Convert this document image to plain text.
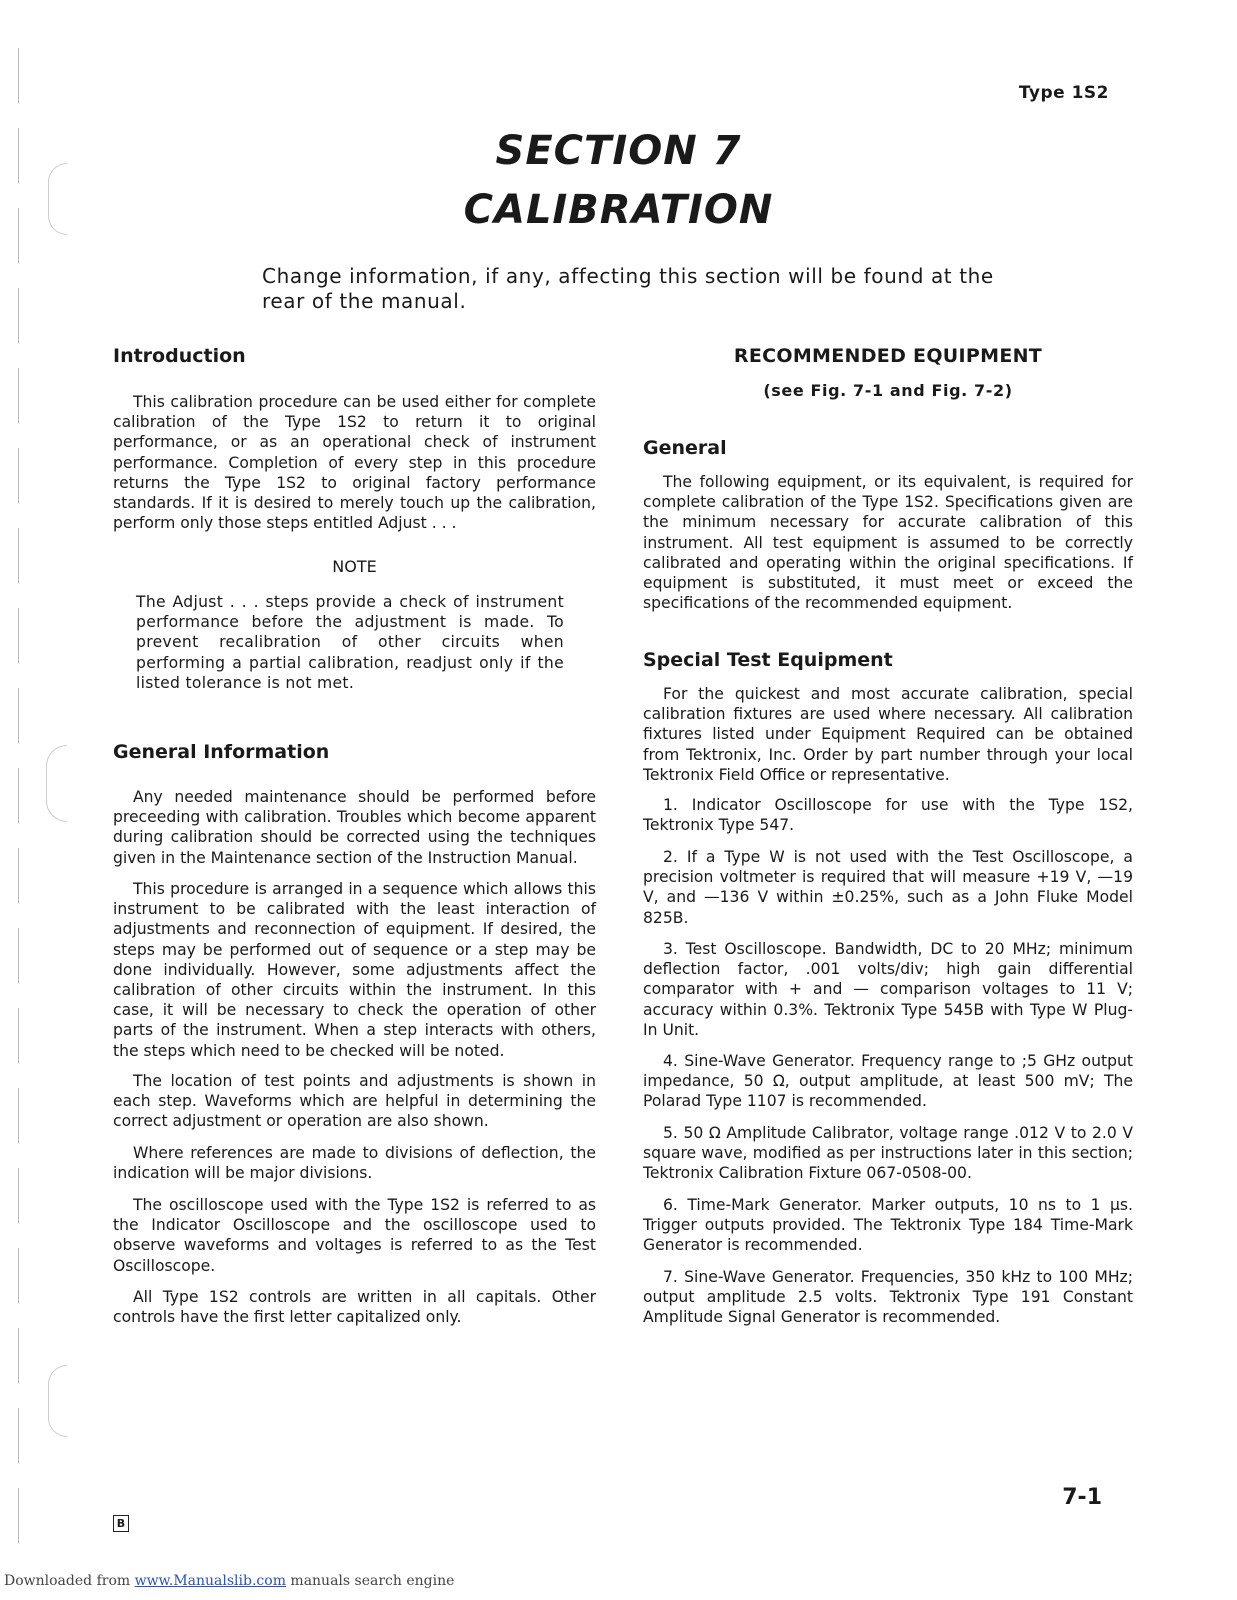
Type 1S2
SECTION 7
CALIBRATION
Change information, if any, affecting this section will be found at the rear of the manual.
Introduction

This calibration procedure can be used either for complete calibration of the Type 1S2 to return it to original performance, or as an operational check of instrument performance. Completion of every step in this procedure returns the Type 1S2 to original factory performance standards. If it is desired to merely touch up the calibration, perform only those steps entitled Adjust . . .

NOTE
The Adjust . . . steps provide a check of instrument performance before the adjustment is made. To prevent recalibration of other circuits when performing a partial calibration, readjust only if the listed tolerance is not met.
General Information

Any needed maintenance should be performed before preceeding with calibration. Troubles which become apparent during calibration should be corrected using the techniques given in the Maintenance section of the Instruction Manual.

This procedure is arranged in a sequence which allows this instrument to be calibrated with the least interaction of adjustments and reconnection of equipment. If desired, the steps may be performed out of sequence or a step may be done individually. However, some adjustments affect the calibration of other circuits within the instrument. In this case, it will be necessary to check the operation of other parts of the instrument. When a step interacts with others, the steps which need to be checked will be noted.

The location of test points and adjustments is shown in each step. Waveforms which are helpful in determining the correct adjustment or operation are also shown.

Where references are made to divisions of deflection, the indication will be major divisions.

The oscilloscope used with the Type 1S2 is referred to as the Indicator Oscilloscope and the oscilloscope used to observe waveforms and voltages is referred to as the Test Oscilloscope.

All Type 1S2 controls are written in all capitals. Other controls have the first letter capitalized only.

RECOMMENDED EQUIPMENT
(see Fig. 7-1 and Fig. 7-2)
General

The following equipment, or its equivalent, is required for complete calibration of the Type 1S2. Specifications given are the minimum necessary for accurate calibration of this instrument. All test equipment is assumed to be correctly calibrated and operating within the original specifications. If equipment is substituted, it must meet or exceed the specifications of the recommended equipment.

Special Test Equipment

For the quickest and most accurate calibration, special calibration fixtures are used where necessary. All calibration fixtures listed under Equipment Required can be obtained from Tektronix, Inc. Order by part number through your local Tektronix Field Office or representative.

1. Indicator Oscilloscope for use with the Type 1S2, Tektronix Type 547.

2. If a Type W is not used with the Test Oscilloscope, a precision voltmeter is required that will measure +19 V, —19 V, and —136 V within ±0.25%, such as a John Fluke Model 825B.

3. Test Oscilloscope. Bandwidth, DC to 20 MHz; minimum deflection factor, .001 volts/div; high gain differential comparator with + and — comparison voltages to 11 V; accuracy within 0.3%. Tektronix Type 545B with Type W Plug-In Unit.

4. Sine-Wave Generator. Frequency range to ;5 GHz output impedance, 50 Ω, output amplitude, at least 500 mV; The Polarad Type 1107 is recommended.

5. 50 Ω Amplitude Calibrator, voltage range .012 V to 2.0 V square wave, modified as per instructions later in this section; Tektronix Calibration Fixture 067-0508-00.

6. Time-Mark Generator. Marker outputs, 10 ns to 1 µs. Trigger outputs provided. The Tektronix Type 184 Time-Mark Generator is recommended.

7. Sine-Wave Generator. Frequencies, 350 kHz to 100 MHz; output amplitude 2.5 volts. Tektronix Type 191 Constant Amplitude Signal Generator is recommended.

B
7-1
Downloaded from www.Manualslib.com manuals search engine
